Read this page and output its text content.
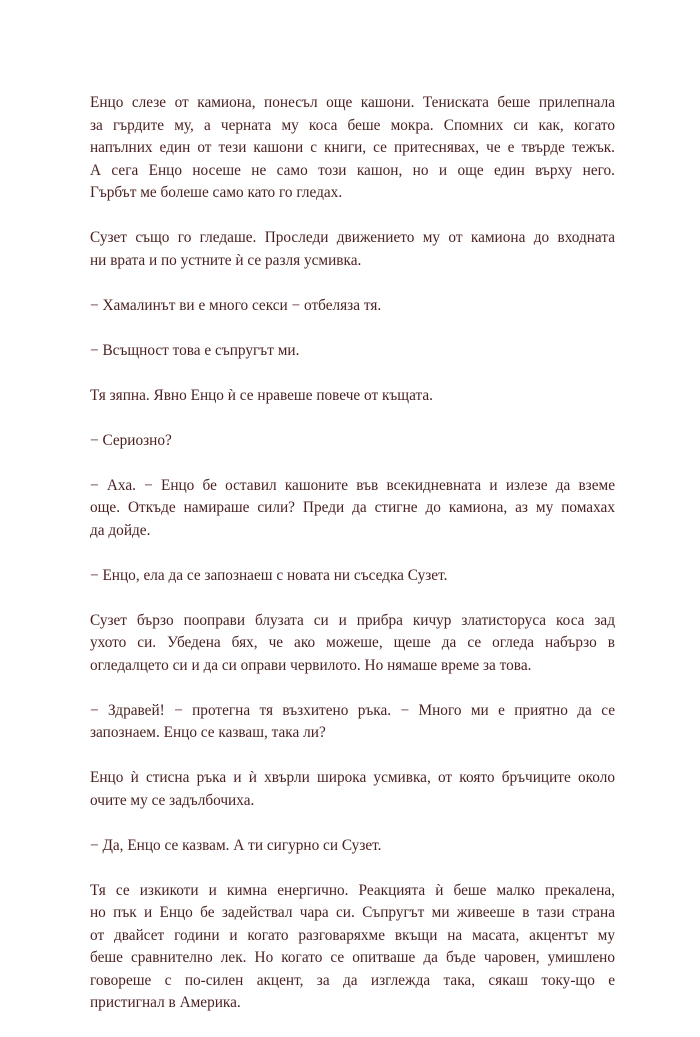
Енцо слезе от камиона, понесъл още кашони. Тениската беше прилепнала
за гърдите му, а черната му коса беше мокра. Спомних си как, когато
напълних един от тези кашони с книги, се притеснявах, че е твърде тежък.
А сега Енцо носеше не само този кашон, но и още един върху него.
Гърбът ме болеше само като го гледах.

Сузет също го гледаше. Проследи движението му от камиона до входната
ни врата и по устните ѝ се разля усмивка.

− Хамалинът ви е много секси − отбеляза тя.

− Всъщност това е съпругът ми.

Тя зяпна. Явно Енцо ѝ се нравеше повече от къщата.

− Сериозно?

− Аха. − Енцо бе оставил кашоните във всекидневната и излезе да вземе
още. Откъде намираше сили? Преди да стигне до камиона, аз му помахах
да дойде.

− Енцо, ела да се запознаеш с новата ни съседка Сузет.

Сузет бързо пооправи блузата си и прибра кичур златисторуса коса зад
ухото си. Убедена бях, че ако можеше, щеше да се огледа набързо в
огледалцето си и да си оправи червилото. Но нямаше време за това.

− Здравей! − протегна тя възхитено ръка. − Много ми е приятно да се
запознаем. Енцо се казваш, така ли?

Енцо ѝ стисна ръка и ѝ хвърли широка усмивка, от която бръчиците около
очите му се задълбочиха.

− Да, Енцо се казвам. А ти сигурно си Сузет.

Тя се изкикоти и кимна енергично. Реакцията ѝ беше малко прекалена,
но пък и Енцо бе задействал чара си. Съпругът ми живееше в тази страна
от двайсет години и когато разговаряхме вкъщи на масата, акцентът му
беше сравнително лек. Но когато се опитваше да бъде чаровен, умишлено
говореше с по-силен акцент, за да изглежда така, сякаш току-що е
пристигнал в Америка.
